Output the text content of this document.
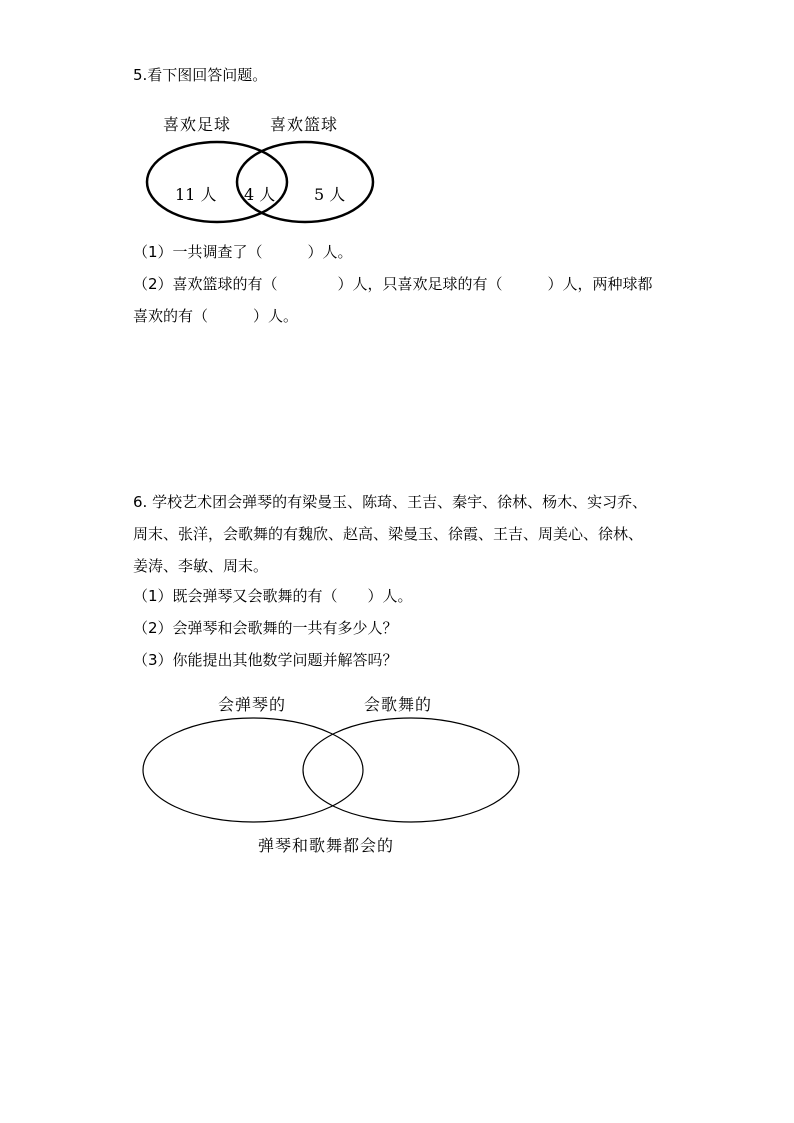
5.看下图回答问题。
喜欢足球 喜欢篮球
11 人 4 人 5 人
（1）一共调查了（　　　）人。
（2）喜欢篮球的有（　　　　）人，只喜欢足球的有（　　　）人，两种球都
喜欢的有（　　　）人。
6. 学校艺术团会弹琴的有梁曼玉、陈琦、王吉、秦宇、徐林、杨木、实习乔、
周末、张洋，会歌舞的有魏欣、赵高、梁曼玉、徐霞、王吉、周美心、徐林、
姜涛、李敏、周末。
（1）既会弹琴又会歌舞的有（　　）人。
（2）会弹琴和会歌舞的一共有多少人？
（3）你能提出其他数学问题并解答吗？
会弹琴的	会歌舞的
弹琴和歌舞都会的
